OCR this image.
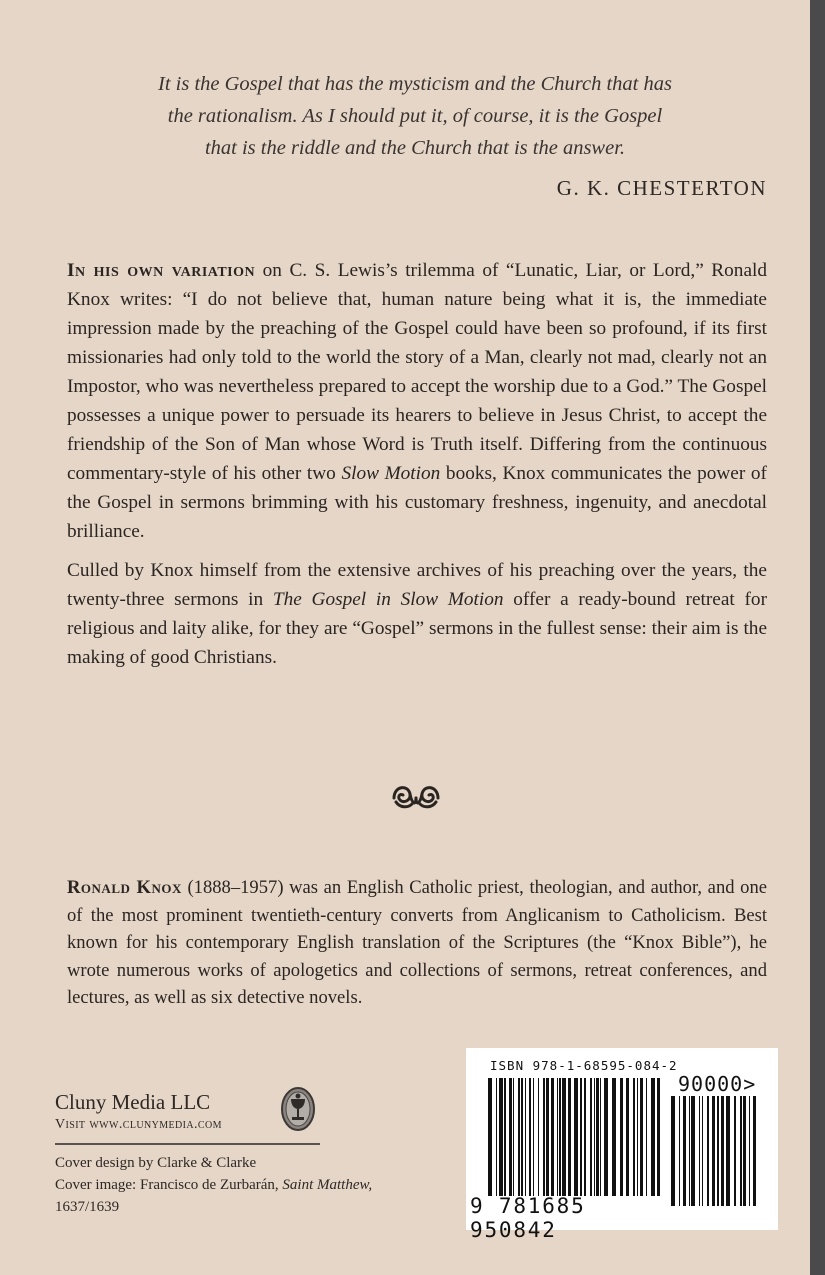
It is the Gospel that has the mysticism and the Church that has
the rationalism. As I should put it, of course, it is the Gospel
that is the riddle and the Church that is the answer.
G. K. CHESTERTON

In his own variation on C. S. Lewis’s trilemma of “Lunatic, Liar, or Lord,” Ronald Knox writes: “I do not believe that, human nature being what it is, the immediate impression made by the preaching of the Gospel could have been so profound, if its first missionaries had only told to the world the story of a Man, clearly not mad, clearly not an Impostor, who was nevertheless prepared to accept the worship due to a God.” The Gospel possesses a unique power to persuade its hearers to believe in Jesus Christ, to accept the friendship of the Son of Man whose Word is Truth itself. Differing from the continuous commentary-style of his other two Slow Motion books, Knox communicates the power of the Gospel in sermons brimming with his customary freshness, ingenuity, and anecdotal brilliance.

Culled by Knox himself from the extensive archives of his preaching over the years, the twenty-three sermons in The Gospel in Slow Motion offer a ready-bound retreat for religious and laity alike, for they are “Gospel” sermons in the fullest sense: their aim is the making of good Christians.

Ronald Knox (1888–1957) was an English Catholic priest, theologian, and author, and one of the most prominent twentieth-century converts from Anglicanism to Catholicism. Best known for his contemporary English translation of the Scriptures (the “Knox Bible”), he wrote numerous works of apologetics and collections of sermons, retreat conferences, and lectures, as well as six detective novels.
Cluny Media LLC
Visit www.clunymedia.com
Cover design by Clarke & Clarke
Cover image: Francisco de Zurbarán, Saint Matthew,
1637/1639
ISBN 978-1-68595-084-2
90000>
9 781685 950842
